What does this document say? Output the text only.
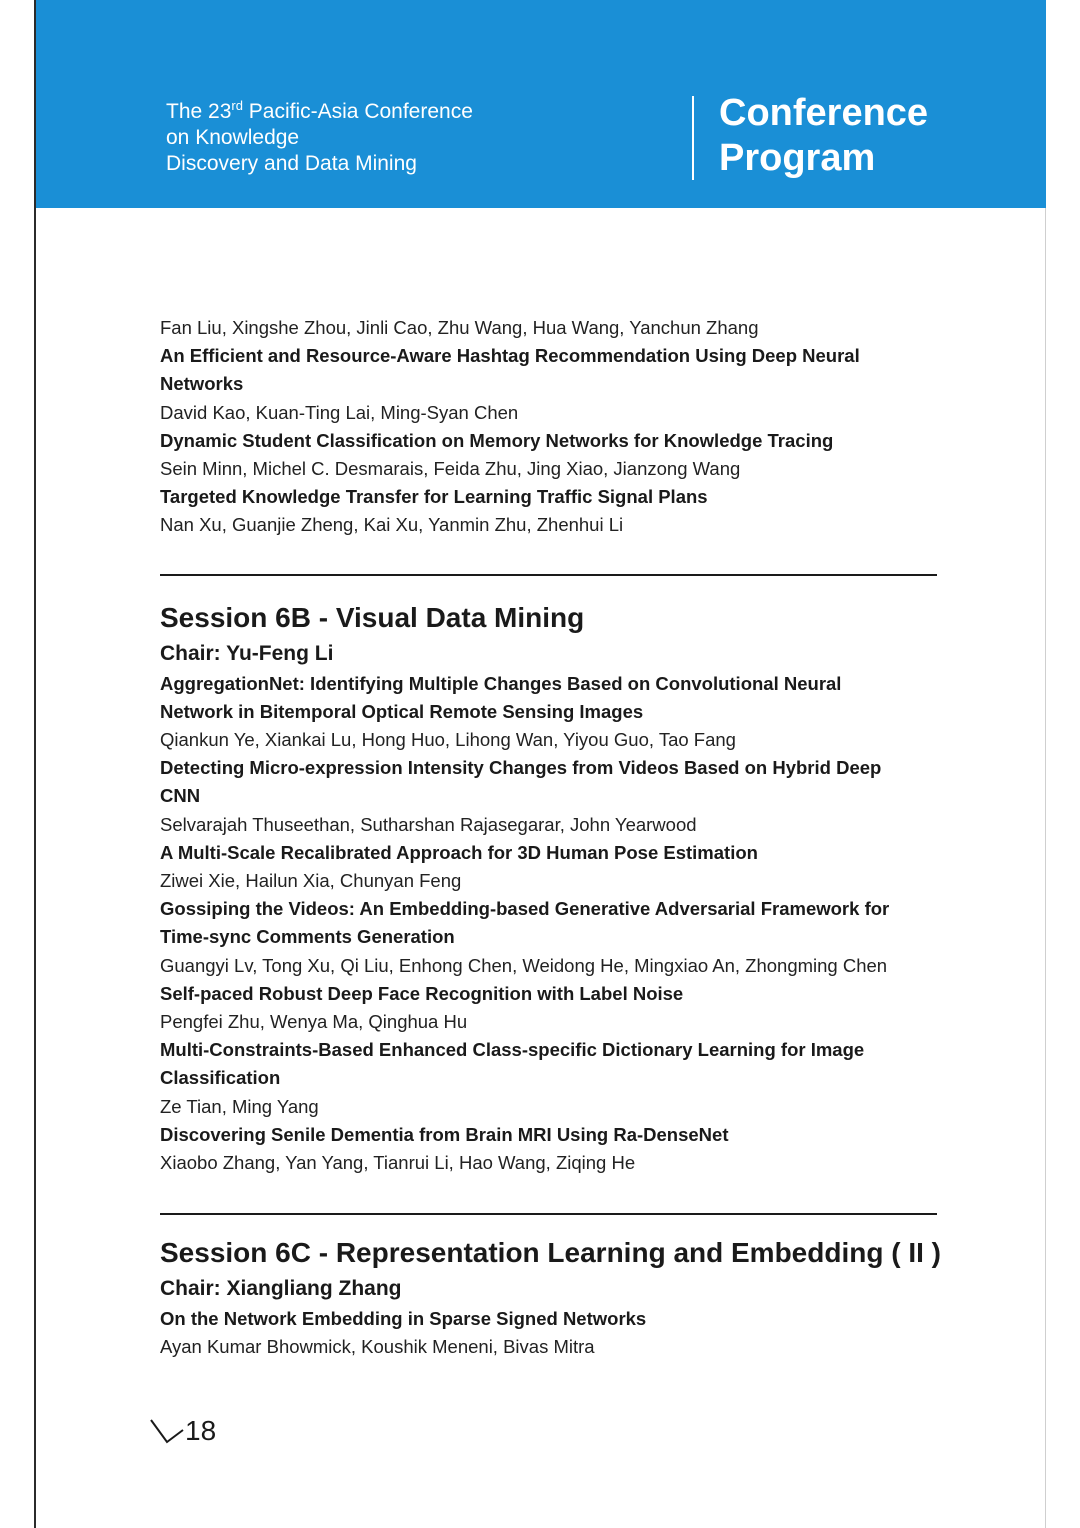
The 23rd Pacific-Asia Conference
on Knowledge
Discovery and Data Mining
Conference
Program
Fan Liu, Xingshe Zhou, Jinli Cao, Zhu Wang, Hua Wang, Yanchun Zhang
An Efficient and Resource-Aware Hashtag Recommendation Using Deep Neural
Networks
David Kao, Kuan-Ting Lai, Ming-Syan Chen
Dynamic Student Classification on Memory Networks for Knowledge Tracing
Sein Minn, Michel C. Desmarais, Feida Zhu, Jing Xiao, Jianzong Wang
Targeted Knowledge Transfer for Learning Traffic Signal Plans
Nan Xu, Guanjie Zheng, Kai Xu, Yanmin Zhu, Zhenhui Li
Session 6B - Visual Data Mining
Chair: Yu-Feng Li
AggregationNet: Identifying Multiple Changes Based on Convolutional Neural
Network in Bitemporal Optical Remote Sensing Images
Qiankun Ye, Xiankai Lu, Hong Huo, Lihong Wan, Yiyou Guo, Tao Fang
Detecting Micro-expression Intensity Changes from Videos Based on Hybrid Deep
CNN
Selvarajah Thuseethan, Sutharshan Rajasegarar, John Yearwood
A Multi-Scale Recalibrated Approach for 3D Human Pose Estimation
Ziwei Xie, Hailun Xia, Chunyan Feng
Gossiping the Videos: An Embedding-based Generative Adversarial Framework for
Time-sync Comments Generation
Guangyi Lv, Tong Xu, Qi Liu, Enhong Chen, Weidong He, Mingxiao An, Zhongming Chen
Self-paced Robust Deep Face Recognition with Label Noise
Pengfei Zhu, Wenya Ma, Qinghua Hu
Multi-Constraints-Based Enhanced Class-specific Dictionary Learning for Image
Classification
Ze Tian, Ming Yang
Discovering Senile Dementia from Brain MRI Using Ra-DenseNet
Xiaobo Zhang, Yan Yang, Tianrui Li, Hao Wang, Ziqing He
Session 6C - Representation Learning and Embedding ( II )
Chair: Xiangliang Zhang
On the Network Embedding in Sparse Signed Networks
Ayan Kumar Bhowmick, Koushik Meneni, Bivas Mitra
18
